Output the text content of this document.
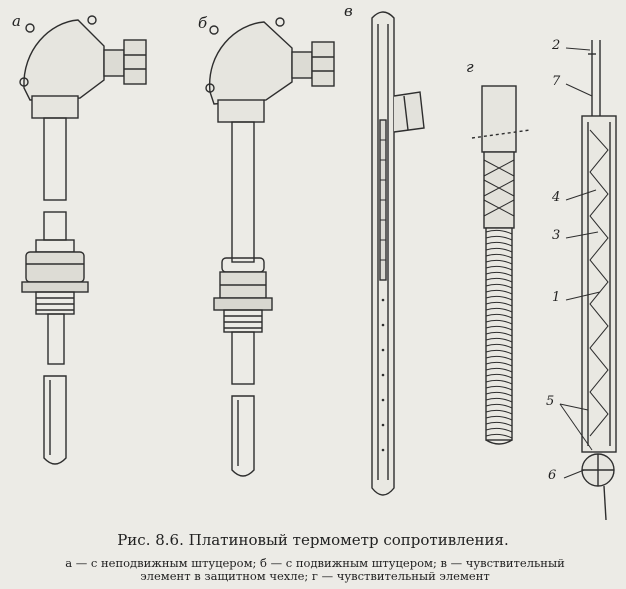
а	б
в
г
2
7
4
3
1
5
6
Рис. 8.6. Платиновый термометр сопротивления.
а — с неподвижным штуцером; б — с подвижным штуцером; в — чувствительный
элемент в защитном чехле; г — чувствительный элемент
